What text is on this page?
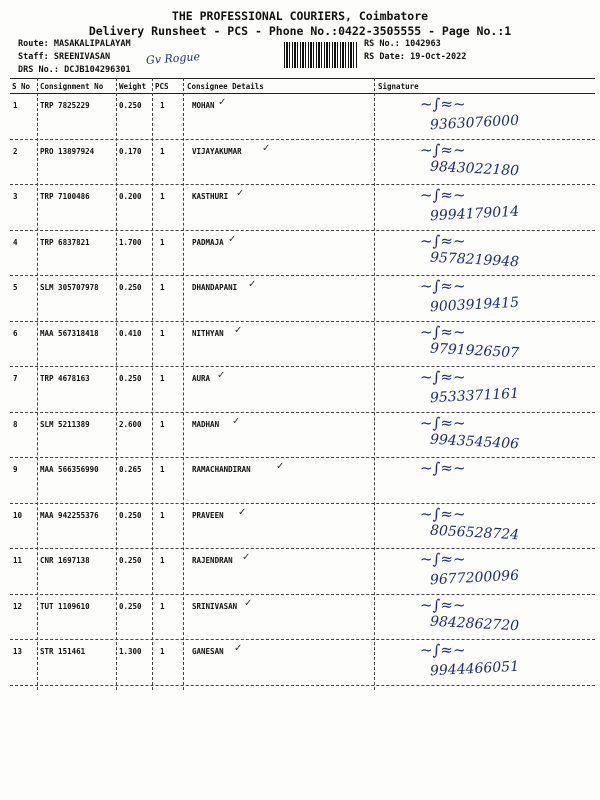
THE PROFESSIONAL COURIERS, Coimbatore
Delivery Runsheet - PCS - Phone No.:0422-3505555 - Page No.:1
Route: MASAKALIPALAYAM
Staff: SREENIVASAN
DRS No.: DCJB104296301
Gv Rogue
RS No.: 1042963
RS Date: 19-Oct-2022
S No Consignment No Weight PCS Consignee Details	Signature
1	TRP 7825229	0.250 1	MOHAN ✓	~∫≈~
9363076000
2	PRO 13897924	0.170 1	VIJAYAKUMAR ✓	~∫≈~
9843022180
3	TRP 7100486	0.200 1	KASTHURI ✓	~∫≈~
9994179014
4	TRP 6837821	1.700 1	PADMAJA ✓	~∫≈~
9578219948
5	SLM 305707978	0.250 1	DHANDAPANI ✓	~∫≈~
9003919415
6	MAA 567318418	0.410 1	NITHYAN ✓	~∫≈~
9791926507
7	TRP 4678163	0.250 1	AURA ✓	~∫≈~
9533371161
8	SLM 5211389	2.600 1	MADHAN ✓	~∫≈~
9943545406
9	MAA 566356990	0.265 1	RAMACHANDIRAN	✓	~∫≈~
10 MAA 942255376	0.250 1	PRAVEEN ✓	~∫≈~
8056528724
11 CNR 1697138	0.250 1	RAJENDRAN ✓	~∫≈~
9677200096
12 TUT 1109610	0.250 1	SRINIVASAN ✓	~∫≈~
9842862720
13 STR 151461	1.300 1	GANESAN ✓	~∫≈~
9944466051
